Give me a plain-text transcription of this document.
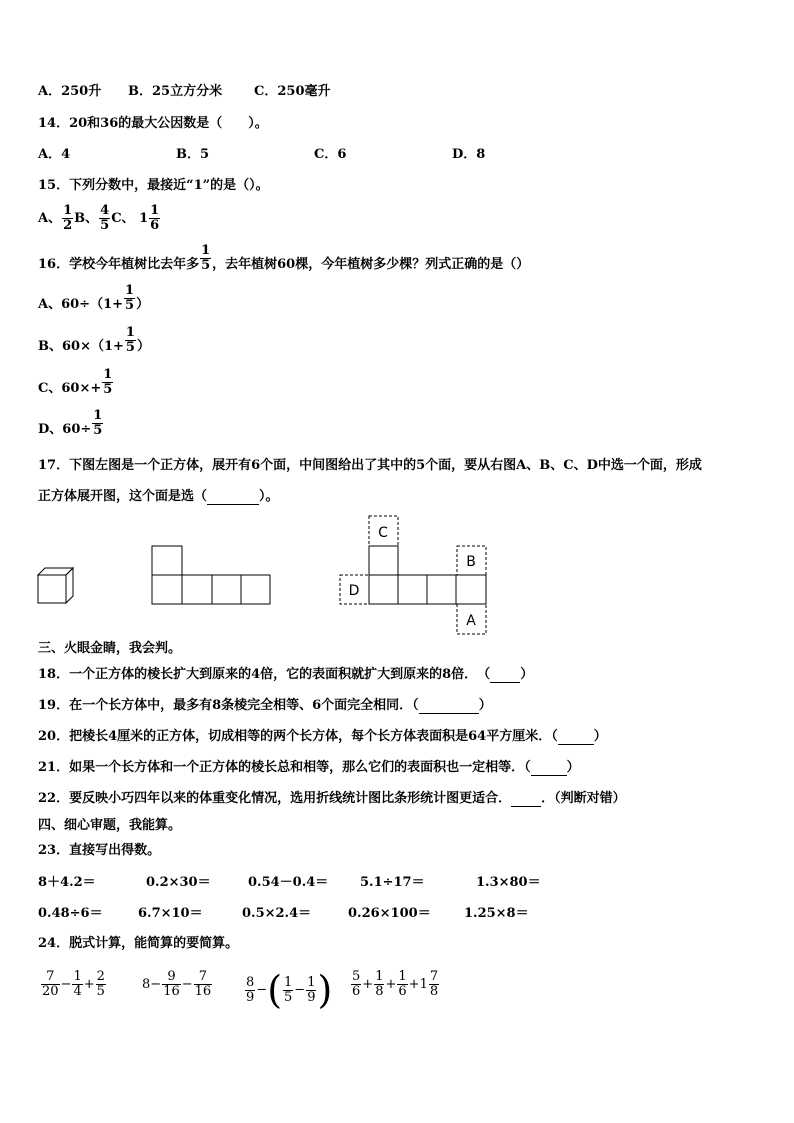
A．250升 B．25立方分米 C．250毫升
14．20和36的最大公因数是（　　）。
A．4	B．5	C．6	D．8
15．下列分数中，最接近“1”的是（）。
A、 $\frac{1}{2}$ B、 $\frac{4}{5}$ C、 $1 \frac{1}{6}$
16．学校今年植树比去年多 $\frac{1}{5}$ ，去年植树60棵，今年植树多少棵？列式正确的是（）
A、$60\div(1+ \frac{1}{5}$ ）
B、$60\times(1+ \frac{1}{5}$ ）
C、$60\times+ \frac{1}{5}$
D、$60\div \frac{1}{5}$
17．下图左图是一个正方体，展开有6个面，中间图给出了其中的5个面，要从右图A、B、C、D中选一个面，形成
正方体展开图，这个面是选（	）。
C
B
D
A
三、火眼金睛，我会判。
18．一个正方体的棱长扩大到原来的4倍，它的表面积就扩大到原来的8倍．　（ ）
19．在一个长方体中，最多有8条棱完全相等、6个面完全相同．（	）
20．把棱长4厘米的正方体，切成相等的两个长方体，每个长方体表面积是64平方厘米．（	）
21．如果一个长方体和一个正方体的棱长总和相等，那么它们的表面积也一定相等．（	）
22．要反映小巧四年以来的体重变化情况，选用折线统计图比条形统计图更适合． ．（判断对错）
四、细心审题，我能算。
23．直接写出得数。
8＋4.2＝	0.2×30＝	0.54－0.4＝ 5.1÷17＝	1.3×80＝
0.48÷6＝	6.7×10＝	0.5×2.4＝	0.26×100＝	1.25×8＝
24．脱式计算，能简算的要简算。
$\frac{7}{20} - \frac{1}{4} + \frac{2}{5}$	$8- \frac{9}{16} - \frac{7}{16}$	$\frac{8}{9}$ −( $\frac{1}{5} - \frac{1}{9}$ ) $\frac{5}{6} + \frac{1}{8} + \frac{1}{6} +1 \frac{7}{8}$
